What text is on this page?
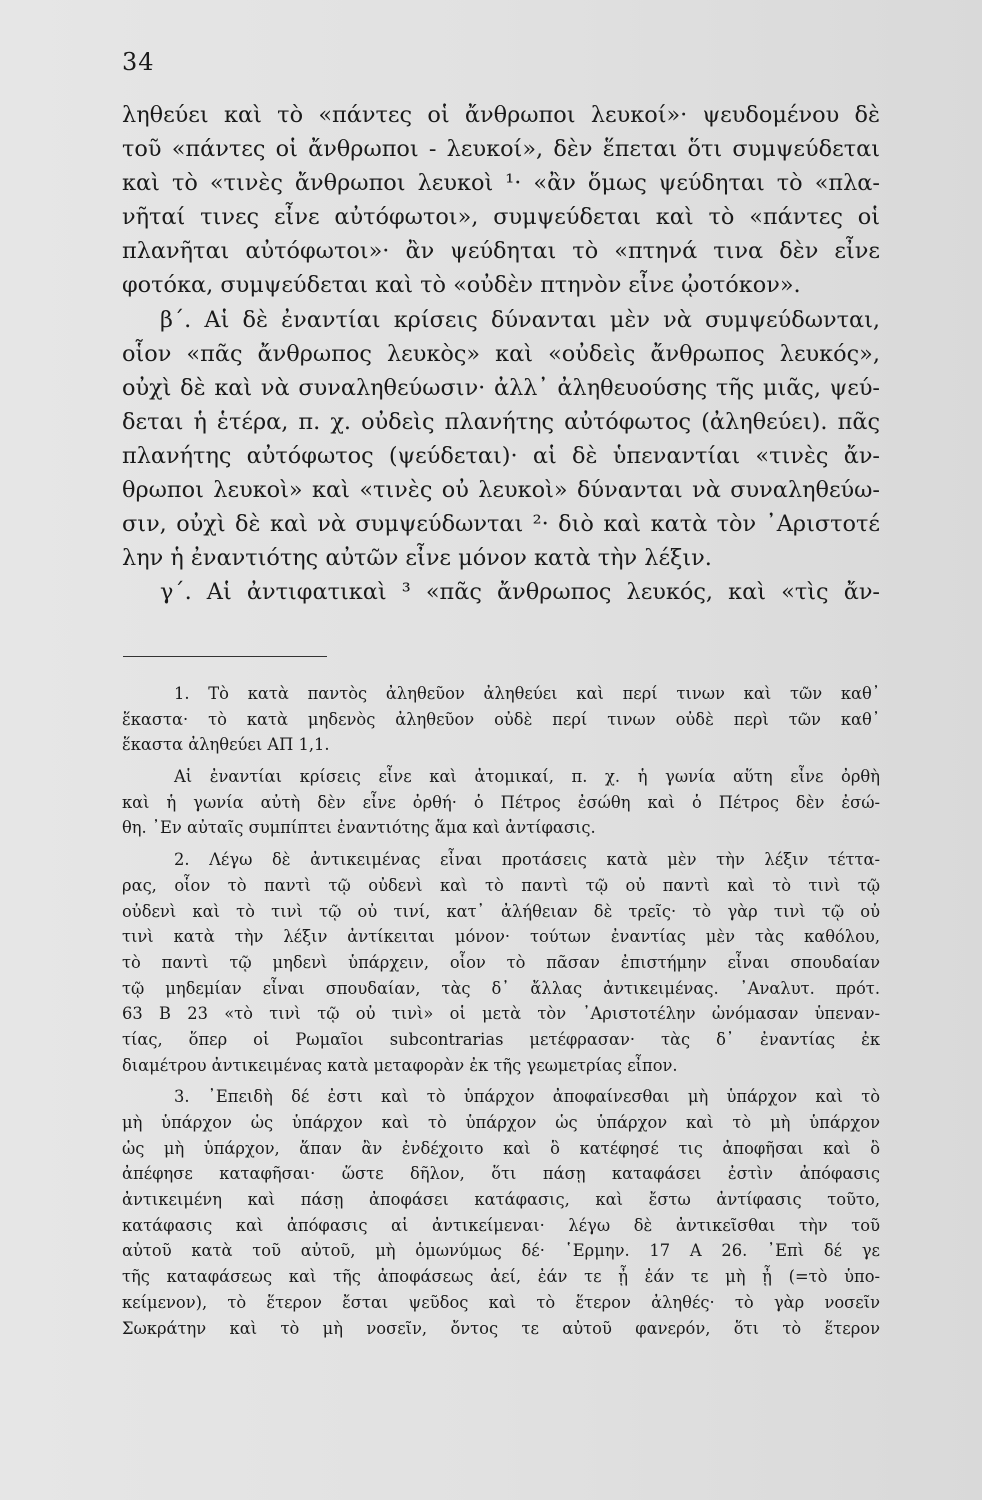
34
ληθεύει καὶ τὸ «πάντες οἱ ἄνθρωποι λευκοί»· ψευδομένου δὲ
τοῦ «πάντες οἱ ἄνθρωποι - λευκοί», δὲν ἕπεται ὅτι συμψεύδεται
καὶ τὸ «τινὲς ἄνθρωποι λευκοὶ ¹· «ἂν ὅμως ψεύδηται τὸ «πλα-
νῆταί τινες εἶνε αὐτόφωτοι», συμψεύδεται καὶ τὸ «πάντες οἱ
πλανῆται αὐτόφωτοι»· ἂν ψεύδηται τὸ «πτηνά τινα δὲν εἶνε
φοτόκα, συμψεύδεται καὶ τὸ «οὐδὲν πτηνὸν εἶνε ᾠοτόκον».
β΄. Αἱ δὲ ἐναντίαι κρίσεις δύνανται μὲν νὰ συμψεύδωνται,
οἷον «πᾶς ἄνθρωπος λευκὸς» καὶ «οὐδεὶς ἄνθρωπος λευκός»,
οὐχὶ δὲ καὶ νὰ συναληθεύωσιν· ἀλλ᾽ ἀληθευούσης τῆς μιᾶς, ψεύ-
δεται ἡ ἑτέρα, π. χ. οὐδεὶς πλανήτης αὐτόφωτος (ἀληθεύει). πᾶς
πλανήτης αὐτόφωτος (ψεύδεται)· αἱ δὲ ὑπεναντίαι «τινὲς ἄν-
θρωποι λευκοὶ» καὶ «τινὲς οὐ λευκοὶ» δύνανται νὰ συναληθεύω-
σιν, οὐχὶ δὲ καὶ νὰ συμψεύδωνται ²· διὸ καὶ κατὰ τὸν ᾿Αριστοτέ
λην ἡ ἐναντιότης αὐτῶν εἶνε μόνον κατὰ τὴν λέξιν.
γ΄. Αἱ ἀντιφατικαὶ ³ «πᾶς ἄνθρωπος λευκός, καὶ «τὶς ἄν-
1. Τὸ κατὰ παντὸς ἀληθεῦον ἀληθεύει καὶ περί τινων καὶ τῶν καθ᾽
ἕκαστα· τὸ κατὰ μηδενὸς ἀληθεῦον οὐδὲ περί τινων οὐδὲ περὶ τῶν καθ᾽
ἕκαστα ἀληθεύει ΑΠ 1,1.
Αἱ ἐναντίαι κρίσεις εἶνε καὶ ἀτομικαί, π. χ. ἡ γωνία αὕτη εἶνε ὀρθὴ
καὶ ἡ γωνία αὐτὴ δὲν εἶνε ὀρθή· ὁ Πέτρος ἐσώθη καὶ ὁ Πέτρος δὲν ἐσώ-
θη. ᾿Εν αὐταῖς συμπίπτει ἐναντιότης ἅμα καὶ ἀντίφασις.
2. Λέγω δὲ ἀντικειμένας εἶναι προτάσεις κατὰ μὲν τὴν λέξιν τέττα-
ρας, οἷον τὸ παντὶ τῷ οὐδενὶ καὶ τὸ παντὶ τῷ οὐ παντὶ καὶ τὸ τινὶ τῷ
οὐδενὶ καὶ τὸ τινὶ τῷ οὐ τινί, κατ᾽ ἀλήθειαν δὲ τρεῖς· τὸ γὰρ τινὶ τῷ οὐ
τινὶ κατὰ τὴν λέξιν ἀντίκειται μόνον· τούτων ἐναντίας μὲν τὰς καθόλου,
τὸ παντὶ τῷ μηδενὶ ὑπάρχειν, οἷον τὸ πᾶσαν ἐπιστήμην εἶναι σπουδαίαν
τῷ μηδεμίαν εἶναι σπουδαίαν, τὰς δ᾽ ἄλλας ἀντικειμένας. ᾿Αναλυτ. πρότ.
63 Β 23 «τὸ τινὶ τῷ οὐ τινὶ» οἱ μετὰ τὸν ᾿Αριστοτέλην ὠνόμασαν ὑπεναν-
τίας, ὅπερ οἱ Ρωμαῖοι subcontrarias μετέφρασαν· τὰς δ᾽ ἐναντίας ἐκ
διαμέτρου ἀντικειμένας κατὰ μεταφορὰν ἐκ τῆς γεωμετρίας εἶπον.
3. ᾿Επειδὴ δέ ἐστι καὶ τὸ ὑπάρχον ἀποφαίνεσθαι μὴ ὑπάρχον καὶ τὸ
μὴ ὑπάρχον ὡς ὑπάρχον καὶ τὸ ὑπάρχον ὡς ὑπάρχον καὶ τὸ μὴ ὑπάρχον
ὡς μὴ ὑπάρχον, ἅπαν ἂν ἐνδέχοιτο καὶ ὃ κατέφησέ τις ἀποφῆσαι καὶ ὃ
ἀπέφησε καταφῆσαι· ὥστε δῆλον, ὅτι πάσῃ καταφάσει ἐστὶν ἀπόφασις
ἀντικειμένη καὶ πάσῃ ἀποφάσει κατάφασις, καὶ ἔστω ἀντίφασις τοῦτο,
κατάφασις καὶ ἀπόφασις αἱ ἀντικείμεναι· λέγω δὲ ἀντικεῖσθαι τὴν τοῦ
αὐτοῦ κατὰ τοῦ αὐτοῦ, μὴ ὁμωνύμως δέ· ῾Ερμην. 17 Α 26. ᾿Επὶ δέ γε
τῆς καταφάσεως καὶ τῆς ἀποφάσεως ἀεί, ἐάν τε ᾖ ἐάν τε μὴ ᾖ (=τὸ ὑπο-
κείμενον), τὸ ἕτερον ἔσται ψεῦδος καὶ τὸ ἕτερον ἀληθές· τὸ γὰρ νοσεῖν
Σωκράτην καὶ τὸ μὴ νοσεῖν, ὄντος τε αὐτοῦ φανερόν, ὅτι τὸ ἕτερον
